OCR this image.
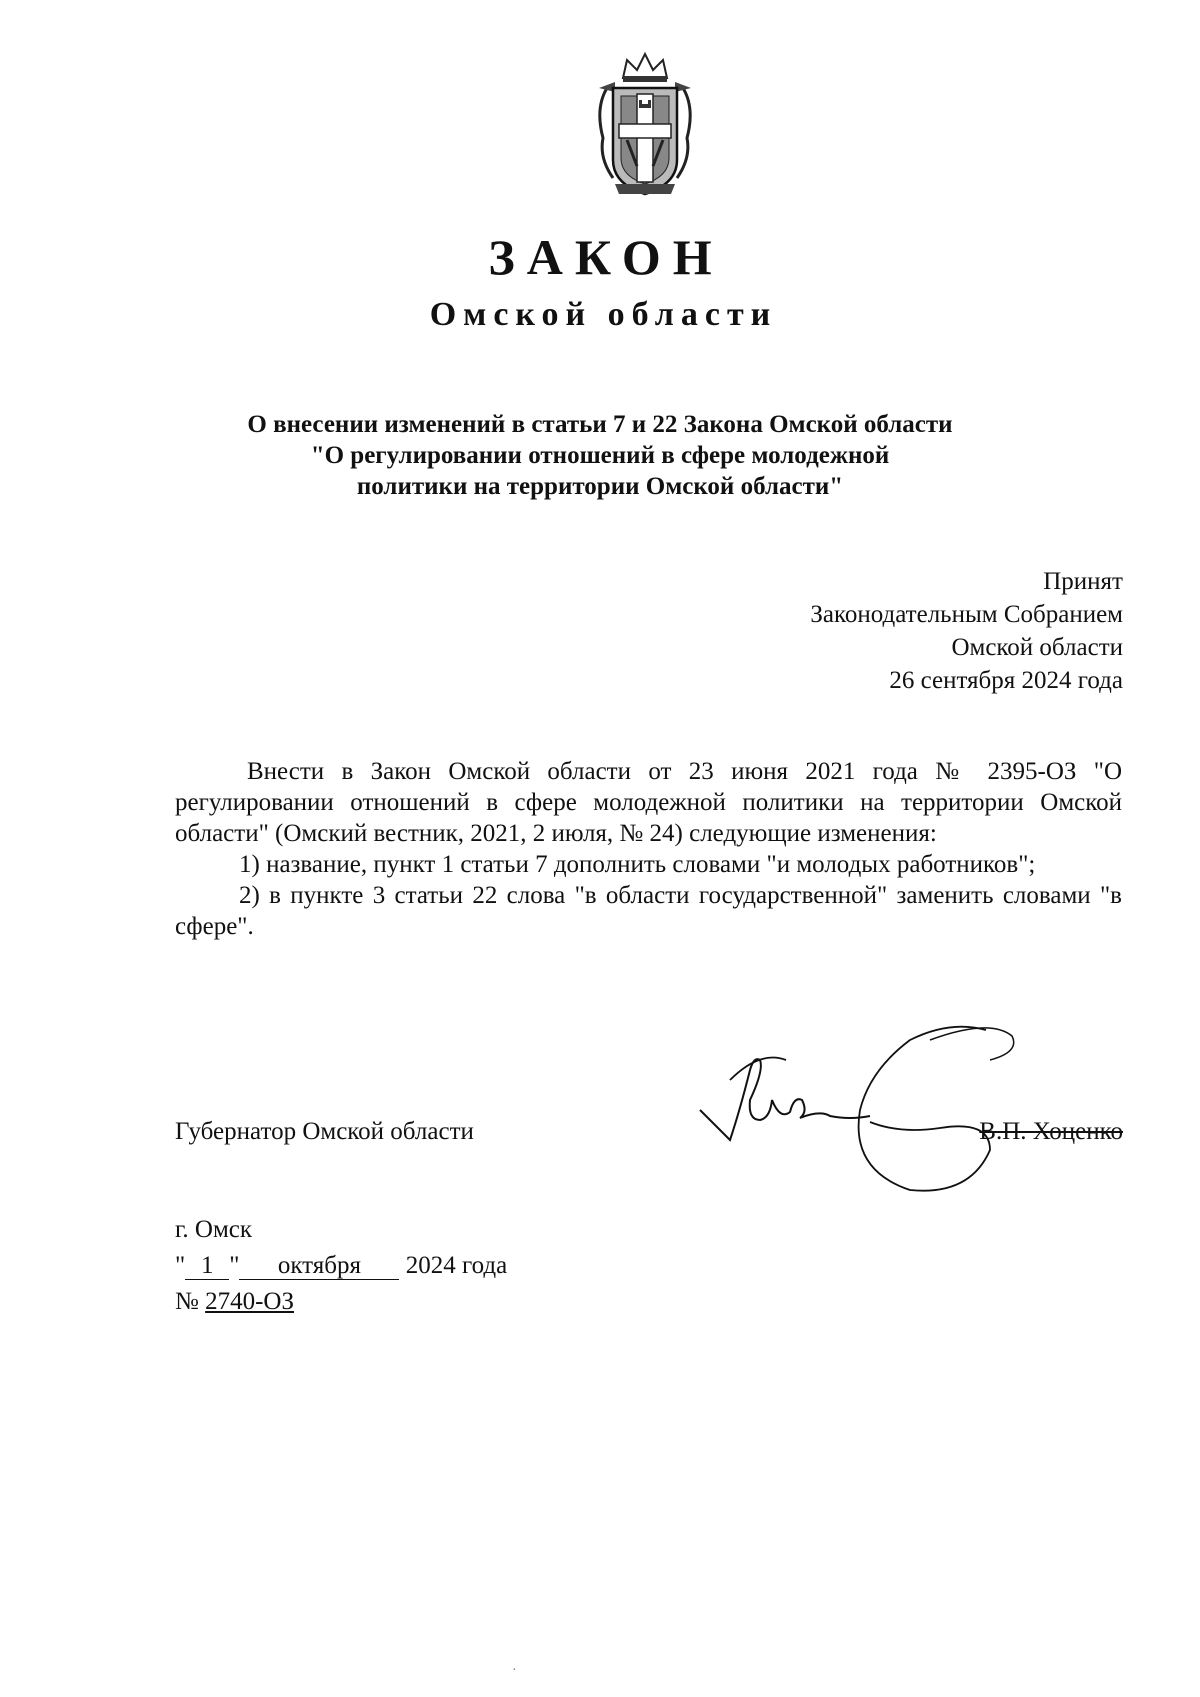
ЗАКОН
Омской области
О внесении изменений в статьи 7 и 22 Закона Омской области
"О регулировании отношений в сфере молодежной
политики на территории Омской области"
Принят
Законодательным Собранием
Омской области
26 сентября 2024 года

Внести в Закон Омской области от 23 июня 2021 года № 2395-ОЗ "О регулировании отношений в сфере молодежной политики на территории Омской области" (Омский вестник, 2021, 2 июля, № 24) следующие изменения:

1) название, пункт 1 статьи 7 дополнить словами "и молодых работников";

2) в пункте 3 статьи 22 слова "в области государственной" заменить словами "в сфере".

Губернатор Омской области	В.П. Хоценко
г. Омск
" 1 " октября 2024 года
№ 2740-ОЗ
·
